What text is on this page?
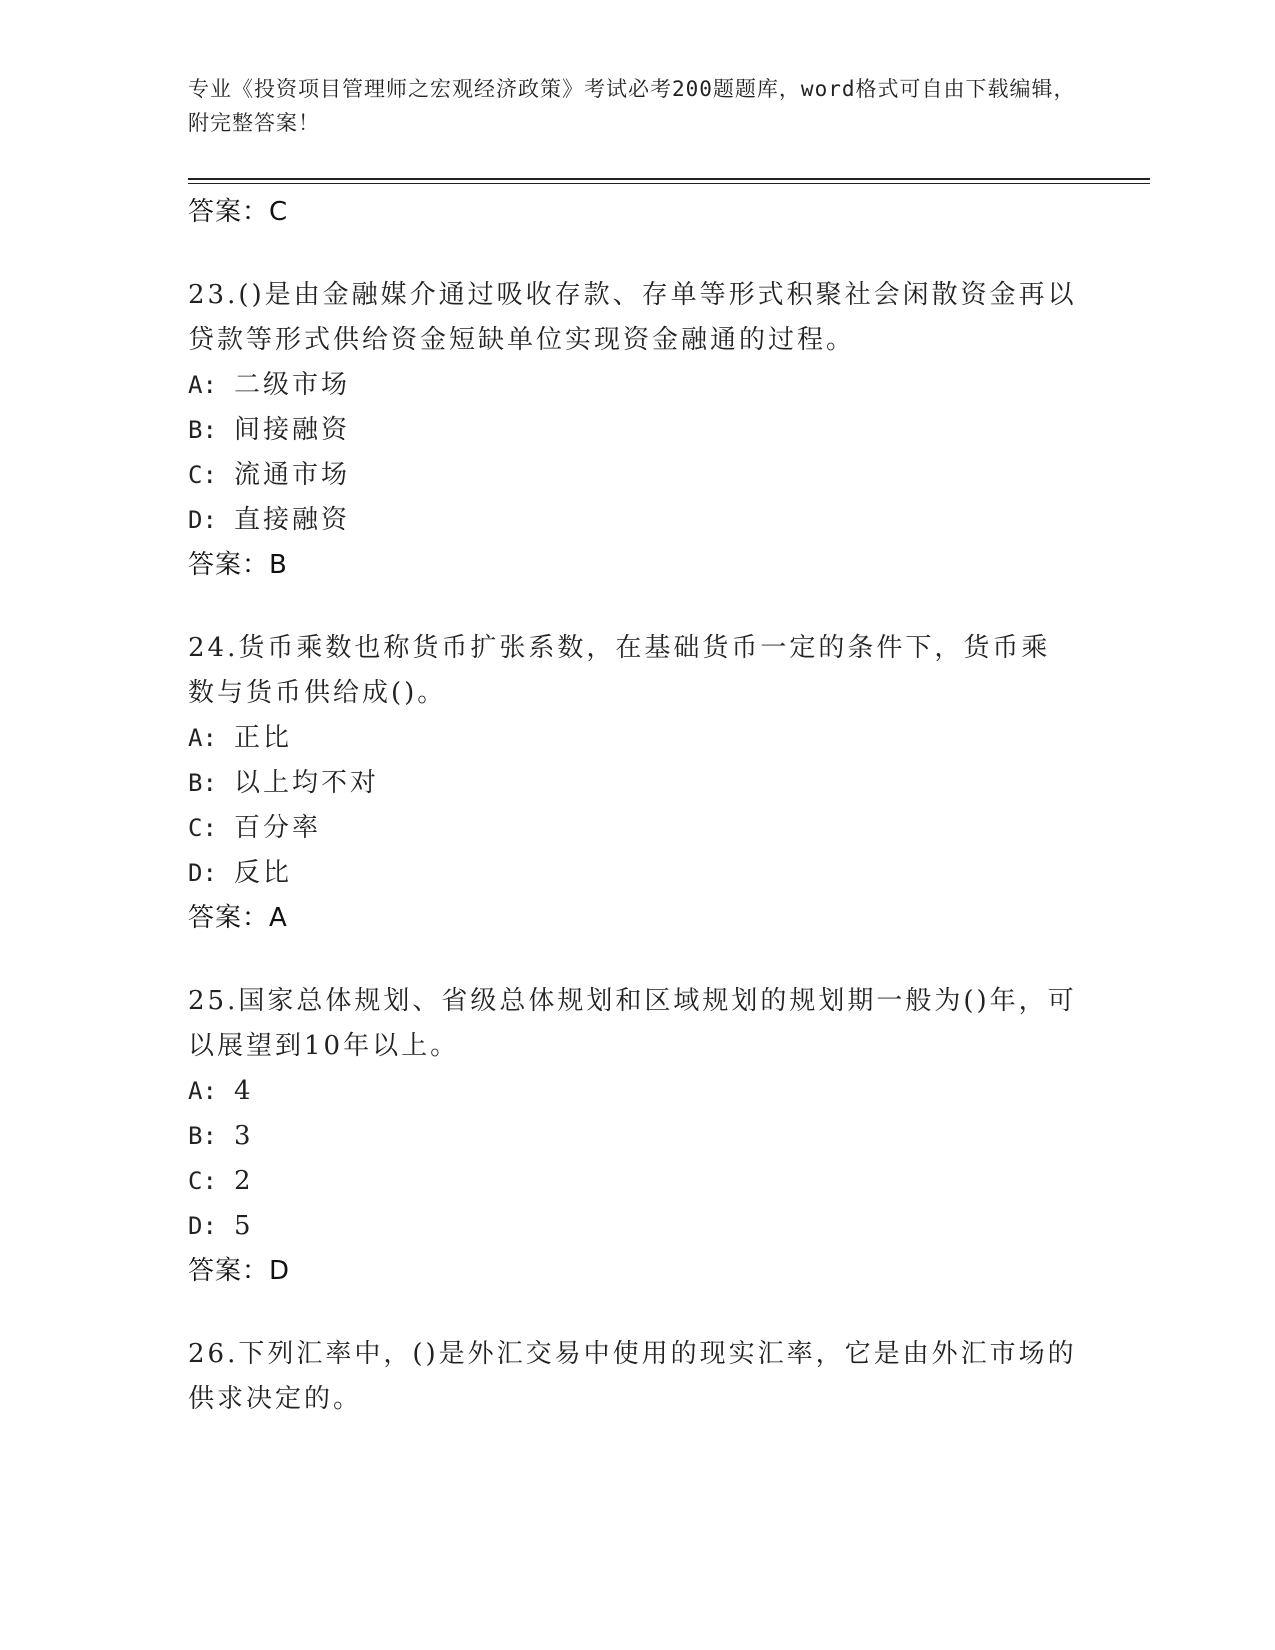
专业《投资项目管理师之宏观经济政策》考试必考200题题库，word格式可自由下载编辑，附完整答案！
答案：C
23.()是由金融媒介通过吸收存款、存单等形式积聚社会闲散资金再以贷款等形式供给资金短缺单位实现资金融通的过程。
A: 二级市场
B: 间接融资
C: 流通市场
D: 直接融资
答案：B
24.货币乘数也称货币扩张系数，在基础货币一定的条件下，货币乘数与货币供给成()。
A: 正比
B: 以上均不对
C: 百分率
D: 反比
答案：A
25.国家总体规划、省级总体规划和区域规划的规划期一般为()年，可以展望到10年以上。
A: 4
B: 3
C: 2
D: 5
答案：D
26.下列汇率中，()是外汇交易中使用的现实汇率，它是由外汇市场的供求决定的。
